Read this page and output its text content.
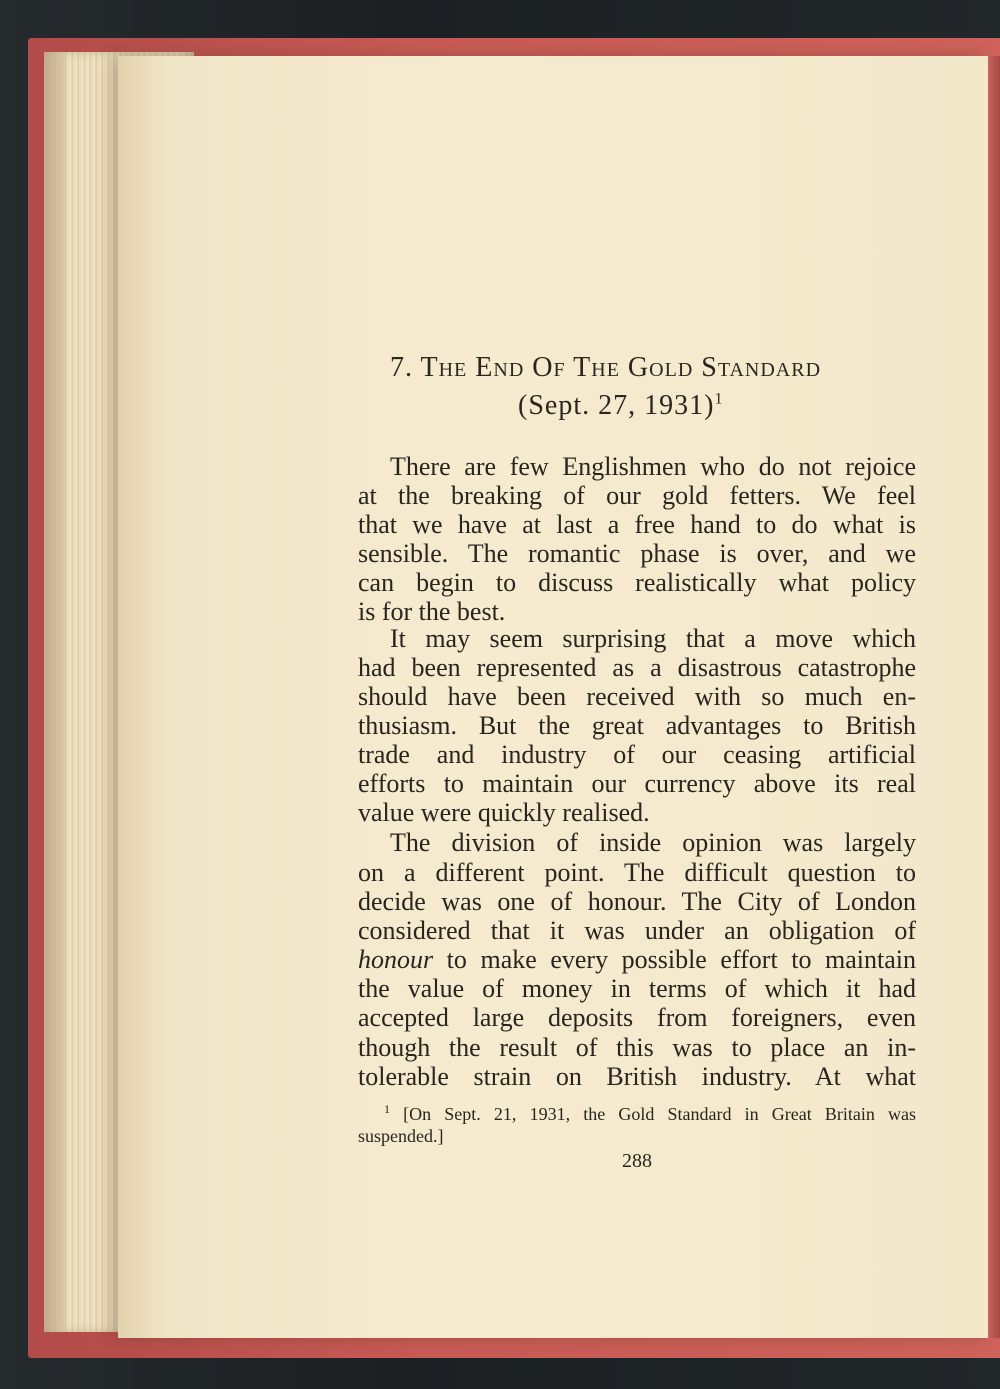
7. THE END OF THE GOLD STANDARD
(Sept. 27, 1931)$^1$
There are few Englishmen who do not rejoice
at the breaking of our gold fetters. We feel
that we have at last a free hand to do what is
sensible. The romantic phase is over, and we
can begin to discuss realistically what policy
is for the best.
It may seem surprising that a move which
had been represented as a disastrous catastrophe
should have been received with so much en-
thusiasm. But the great advantages to British
trade and industry of our ceasing artificial
efforts to maintain our currency above its real
value were quickly realised.
The division of inside opinion was largely
on a different point. The difficult question to
decide was one of honour. The City of London
considered that it was under an obligation of
honour to make every possible effort to maintain
the value of money in terms of which it had
accepted large deposits from foreigners, even
though the result of this was to place an in-
tolerable strain on British industry. At what
$^1$ [On Sept. 21, 1931, the Gold Standard in Great Britain was
suspended.]
288
